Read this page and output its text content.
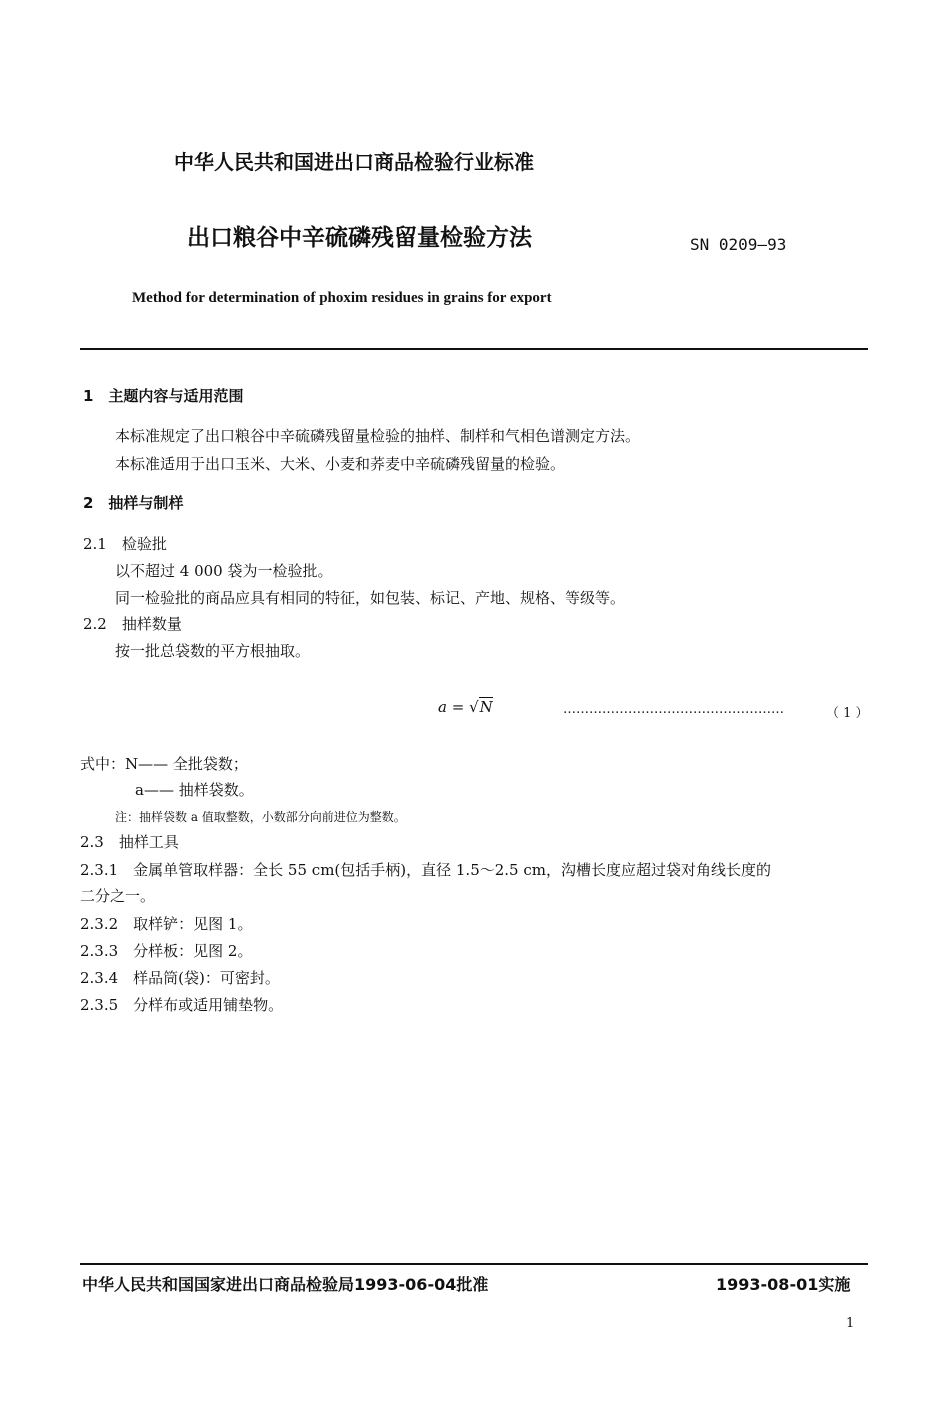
中华人民共和国进出口商品检验行业标准
出口粮谷中辛硫磷残留量检验方法	SN 0209—93
Method for determination of phoxim residues in grains for export
1　主题内容与适用范围
本标准规定了出口粮谷中辛硫磷残留量检验的抽样、制样和气相色谱测定方法。
本标准适用于出口玉米、大米、小麦和荞麦中辛硫磷残留量的检验。
2　抽样与制样
2.1　检验批
以不超过 4 000 袋为一检验批。
同一检验批的商品应具有相同的特征，如包装、标记、产地、规格、等级等。
2.2　抽样数量
按一批总袋数的平方根抽取。
a = √N	……………………………………………	（ 1 ）
式中：N—— 全批袋数；
a—— 抽样袋数。
注：抽样袋数 a 值取整数，小数部分向前进位为整数。
2.3　抽样工具
2.3.1　金属单管取样器：全长 55 cm(包括手柄)，直径 1.5～2.5 cm，沟槽长度应超过袋对角线长度的
二分之一。
2.3.2　取样铲：见图 1。
2.3.3　分样板：见图 2。
2.3.4　样品筒(袋)：可密封。
2.3.5　分样布或适用铺垫物。
中华人民共和国国家进出口商品检验局1993-06-04批准	1993-08-01实施
1
